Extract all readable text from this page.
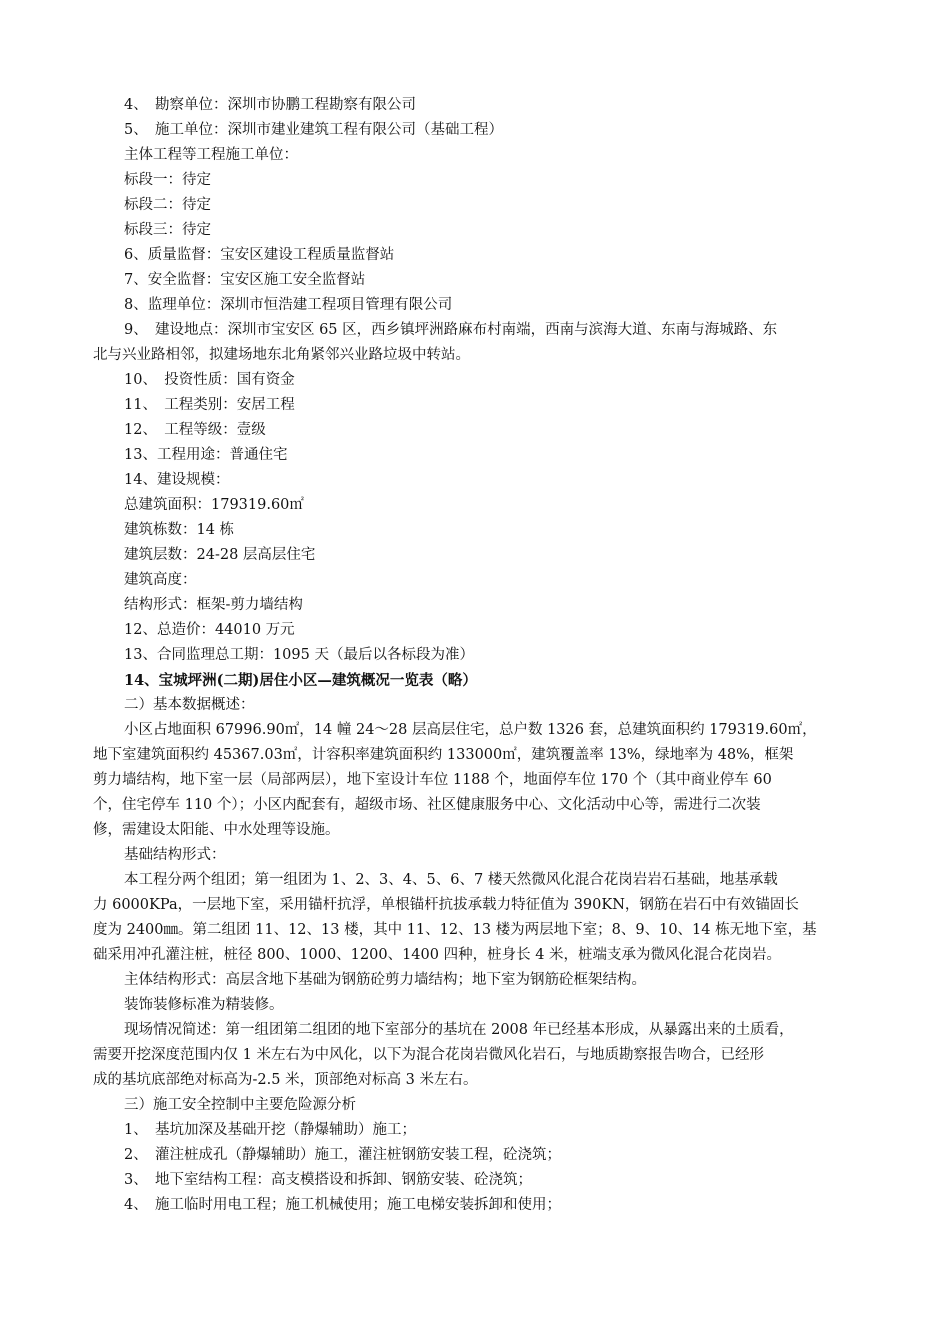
4、　勘察单位：深圳市协鹏工程勘察有限公司
5、　施工单位：深圳市建业建筑工程有限公司（基础工程）
主体工程等工程施工单位：
标段一：待定
标段二：待定
标段三：待定
6、质量监督：宝安区建设工程质量监督站
7、安全监督：宝安区施工安全监督站
8、监理单位：深圳市恒浩建工程项目管理有限公司
9、　建设地点：深圳市宝安区 65 区，西乡镇坪洲路麻布村南端，西南与滨海大道、东南与海城路、东
北与兴业路相邻，拟建场地东北角紧邻兴业路垃圾中转站。
10、　投资性质：国有资金
11、　工程类别：安居工程
12、　工程等级：壹级
13、工程用途：普通住宅
14、建设规模：
总建筑面积：179319.60㎡
建筑栋数：14 栋
建筑层数：24-28 层高层住宅
建筑高度：
结构形式：框架-剪力墙结构
12、总造价：44010 万元
13、合同监理总工期：1095 天（最后以各标段为准）
14、宝城坪洲(二期)居住小区—建筑概况一览表（略）
二）基本数据概述：
小区占地面积 67996.90㎡，14 幢 24～28 层高层住宅，总户数 1326 套，总建筑面积约 179319.60㎡，
地下室建筑面积约 45367.03㎡，计容积率建筑面积约 133000㎡，建筑覆盖率 13%，绿地率为 48%，框架
剪力墙结构，地下室一层（局部两层），地下室设计车位 1188 个，地面停车位 170 个（其中商业停车 60
个，住宅停车 110 个）；小区内配套有，超级市场、社区健康服务中心、文化活动中心等，需进行二次装
修，需建设太阳能、中水处理等设施。
基础结构形式：
本工程分两个组团；第一组团为 1、2、3、4、5、6、7 楼天然微风化混合花岗岩岩石基础，地基承载
力 6000KPa，一层地下室，采用锚杆抗浮，单根锚杆抗拔承载力特征值为 390KN，钢筋在岩石中有效锚固长
度为 2400㎜。第二组团 11、12、13 楼，其中 11、12、13 楼为两层地下室；8、9、10、14 栋无地下室，基
础采用冲孔灌注桩，桩径 800、1000、1200、1400 四种，桩身长 4 米，桩端支承为微风化混合花岗岩。
主体结构形式：高层含地下基础为钢筋砼剪力墙结构；地下室为钢筋砼框架结构。
装饰装修标准为精装修。
现场情况简述：第一组团第二组团的地下室部分的基坑在 2008 年已经基本形成，从暴露出来的土质看，
需要开挖深度范围内仅 1 米左右为中风化，以下为混合花岗岩微风化岩石，与地质勘察报告吻合，已经形
成的基坑底部绝对标高为-2.5 米，顶部绝对标高 3 米左右。
三）施工安全控制中主要危险源分析
1、　基坑加深及基础开挖（静爆辅助）施工；
2、　灌注桩成孔（静爆辅助）施工，灌注桩钢筋安装工程，砼浇筑；
3、　地下室结构工程：高支模搭设和拆卸、钢筋安装、砼浇筑；
4、　施工临时用电工程；施工机械使用；施工电梯安装拆卸和使用；
